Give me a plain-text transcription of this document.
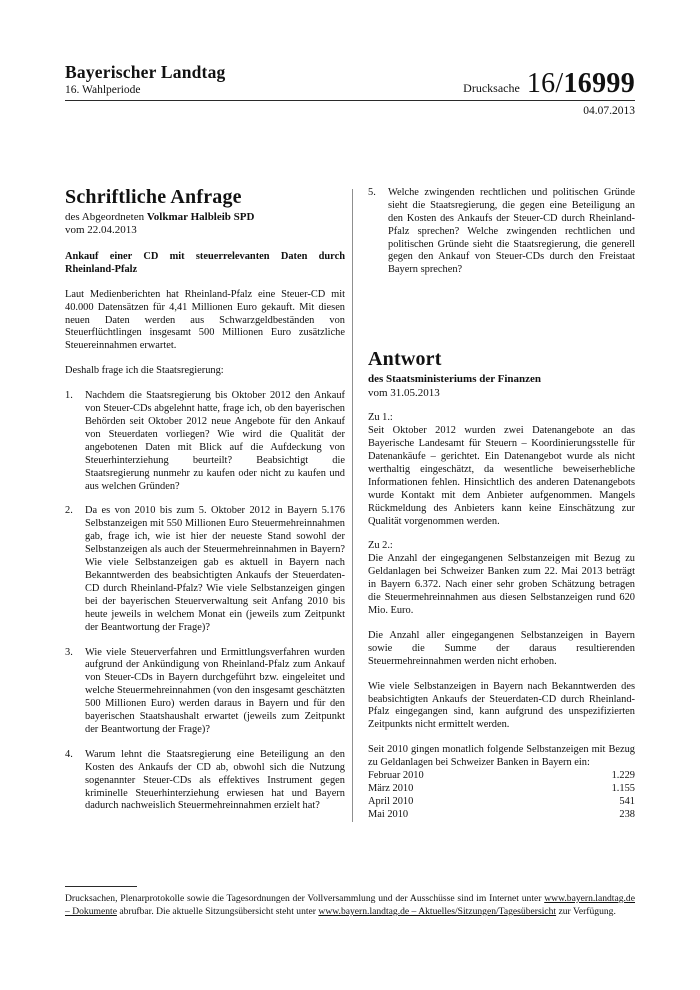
Bayerischer Landtag
16. Wahlperiode	Drucksache 16/16999
04.07.2013
Schriftliche Anfrage

des Abgeordneten Volkmar Halbleib SPD
vom 22.04.2013

Ankauf einer CD mit steuerrelevanten Daten durch Rheinland-Pfalz

Laut Medienberichten hat Rheinland-Pfalz eine Steuer-CD mit 40.000 Datensätzen für 4,41 Millionen Euro gekauft. Mit diesen neuen Daten werden aus Schwarzgeldbeständen von Steuerflüchtlingen insgesamt 500 Millionen Euro zusätzliche Steuereinnahmen erwartet.

Deshalb frage ich die Staatsregierung:

1.	Nachdem die Staatsregierung bis Oktober 2012 den Ankauf von Steuer-CDs abgelehnt hatte, frage ich, ob den bayerischen Behörden seit Oktober 2012 neue Angebote für den Ankauf von Steuerdaten vorliegen? Wie wird die Qualität der angebotenen Daten mit Blick auf die Aufdeckung von Steuerhinterziehung beurteilt? Beabsichtigt die Staatsregierung nunmehr zu kaufen oder nicht zu kaufen und aus welchen Gründen?
2.	Da es von 2010 bis zum 5. Oktober 2012 in Bayern 5.176 Selbstanzeigen mit 550 Millionen Euro Steuermehreinnahmen gab, frage ich, wie ist hier der neueste Stand sowohl der Selbstanzeigen als auch der Steuermehreinnahmen in Bayern? Wie viele Selbstanzeigen gab es aktuell in Bayern nach Bekanntwerden des beabsichtigten Ankaufs der Steuerdaten-CD durch Rheinland-Pfalz? Wie viele Selbstanzeigen gingen bei der bayerischen Steuerverwaltung seit Anfang 2010 bis heute jeweils in welchem Monat ein (jeweils zum Zeitpunkt der Beantwortung der Frage)?
3.	Wie viele Steuerverfahren und Ermittlungsverfahren wurden aufgrund der Ankündigung von Rheinland-Pfalz zum Ankauf von Steuer-CDs in Bayern durchgeführt bzw. eingeleitet und welche Steuermehreinnahmen (von den insgesamt geschätzten 500 Millionen Euro) werden daraus in Bayern und für den bayerischen Staatshaushalt erwartet (jeweils zum Zeitpunkt der Beantwortung der Frage)?
4.	Warum lehnt die Staatsregierung eine Beteiligung an den Kosten des Ankaufs der CD ab, obwohl sich die Nutzung sogenannter Steuer-CDs als effektives Instrument gegen kriminelle Steuerhinterziehung erwiesen hat und Bayern dadurch nachweislich Steuermehreinnahmen erzielt hat?
5.	Welche zwingenden rechtlichen und politischen Gründe sieht die Staatsregierung, die gegen eine Beteiligung an den Kosten des Ankaufs der Steuer-CD durch Rheinland-Pfalz sprechen? Welche zwingenden rechtlichen und politischen Gründe sieht die Staatsregierung, die generell gegen den Ankauf von Steuer-CDs durch den Freistaat Bayern sprechen?
Antwort

des Staatsministeriums der Finanzen
vom 31.05.2013

Zu 1.:

Seit Oktober 2012 wurden zwei Datenangebote an das Bayerische Landesamt für Steuern – Koordinierungsstelle für Datenankäufe – gerichtet. Ein Datenangebot wurde als nicht werthaltig eingeschätzt, da wesentliche beweiserhebliche Informationen fehlen. Hinsichtlich des anderen Datenangebots wurde Kontakt mit dem Anbieter aufgenommen. Mangels Rückmeldung des Anbieters kann keine Einschätzung zur Qualität vorgenommen werden.

Zu 2.:

Die Anzahl der eingegangenen Selbstanzeigen mit Bezug zu Geldanlagen bei Schweizer Banken zum 22. Mai 2013 beträgt in Bayern 6.372. Nach einer sehr groben Schätzung betragen die Steuermehreinnahmen aus diesen Selbstanzeigen rund 620 Mio. Euro.

Die Anzahl aller eingegangenen Selbstanzeigen in Bayern sowie die Summe der daraus resultierenden Steuermehreinnahmen werden nicht erhoben.

Wie viele Selbstanzeigen in Bayern nach Bekanntwerden des beabsichtigten Ankaufs der Steuerdaten-CD durch Rheinland-Pfalz eingegangen sind, kann aufgrund des unspezifizierten Zeitpunkts nicht ermittelt werden.

Seit 2010 gingen monatlich folgende Selbstanzeigen mit Bezug zu Geldanlagen bei Schweizer Banken in Bayern ein:

Februar 2010	1.229
März 2010	1.155
April 2010	541
Mai 2010	238

Drucksachen, Plenarprotokolle sowie die Tagesordnungen der Vollversammlung und der Ausschüsse sind im Internet unter www.bayern.landtag.de – Dokumente abrufbar. Die aktuelle Sitzungsübersicht steht unter www.bayern.landtag.de – Aktuelles/Sitzungen/Tagesübersicht zur Verfügung.
